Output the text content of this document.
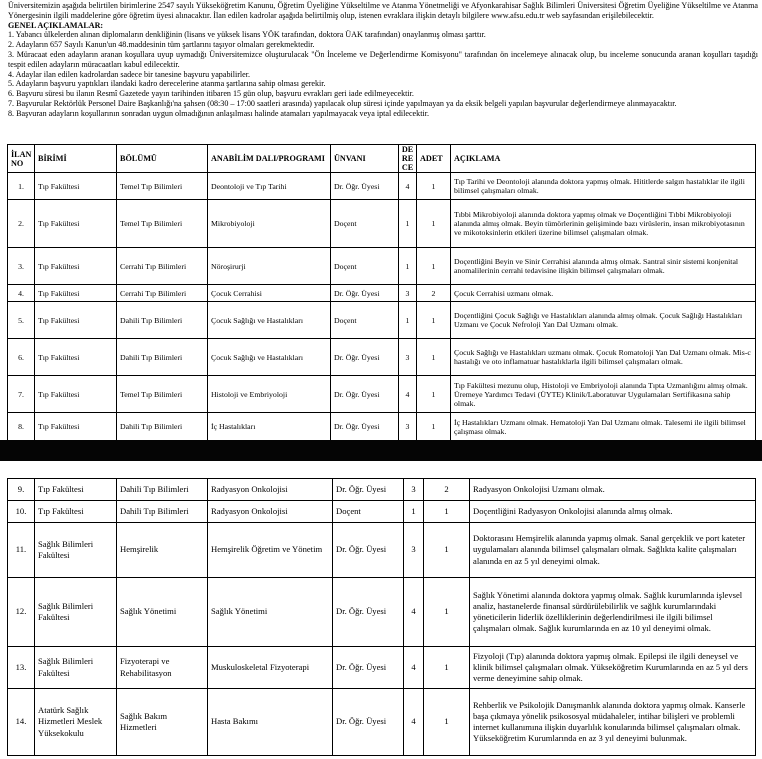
Üniversitemizin aşağıda belirtilen birimlerine 2547 sayılı Yükseköğretim Kanunu, Öğretim Üyeliğine Yükseltilme ve Atanma Yönetmeliği ve Afyonkarahisar Sağlık Bilimleri Üniversitesi Öğretim Üyeliğine Yükseltilme ve Atanma Yönergesinin ilgili maddelerine göre öğretim üyesi alınacaktır. İlan edilen kadrolar aşağıda belirtilmiş olup, istenen evraklara ilişkin detaylı bilgilere www.afsu.edu.tr web sayfasından erişilebilecektir.

GENEL AÇIKLAMALAR:

1. Yabancı ülkelerden alınan diplomaların denkliğinin (lisans ve yüksek lisans YÖK tarafından, doktora ÜAK tarafından) onaylanmış olması şarttır.

2. Adayların 657 Sayılı Kanun'un 48.maddesinin tüm şartlarını taşıyor olmaları gerekmektedir.

3. Müracaat eden adayların aranan koşullara uyup uymadığı Üniversitemizce oluşturulacak "Ön İnceleme ve Değerlendirme Komisyonu" tarafından ön incelemeye alınacak olup, bu inceleme sonucunda aranan koşulları taşıdığı tespit edilen adayların müracaatları kabul edilecektir.

4. Adaylar ilan edilen kadrolardan sadece bir tanesine başvuru yapabilirler.

5. Adayların başvuru yaptıkları ilandaki kadro derecelerine atanma şartlarına sahip olması gerekir.

6. Başvuru süresi bu ilanın Resmî Gazetede yayın tarihinden itibaren 15 gün olup, başvuru evrakları geri iade edilmeyecektir.

7. Başvurular Rektörlük Personel Daire Başkanlığı'na şahsen (08:30 – 17:00 saatleri arasında) yapılacak olup süresi içinde yapılmayan ya da eksik belgeli yapılan başvurular değerlendirmeye alınmayacaktır.

8. Başvuran adayların koşullarının sonradan uygun olmadığının anlaşılması halinde atamaları yapılmayacak veya iptal edilecektir.

İLAN NO	BİRİMİ	BÖLÜMÜ	ANABİLİM DALI/PROGRAMI	ÜNVANI	DE RE CE	ADET	AÇIKLAMA
1.	Tıp Fakültesi	Temel Tıp Bilimleri	Deontoloji ve Tıp Tarihi	Dr. Öğr. Üyesi	4	1	Tıp Tarihi ve Deontoloji alanında doktora yapmış olmak. Hititlerde salgın hastalıklar ile ilgili bilimsel çalışmaları olmak.
2.	Tıp Fakültesi	Temel Tıp Bilimleri	Mikrobiyoloji	Doçent	1	1	Tıbbi Mikrobiyoloji alanında doktora yapmış olmak ve Doçentliğini Tıbbi Mikrobiyoloji alanında almış olmak. Beyin tümörlerinin gelişiminde bazı virüslerin, insan mikrobiyotasının ve mikotoksinlerin etkileri üzerine bilimsel çalışmaları olmak.
3.	Tıp Fakültesi	Cerrahi Tıp Bilimleri	Nöroşirurji	Doçent	1	1	Doçentliğini Beyin ve Sinir Cerrahisi alanında almış olmak. Santral sinir sistemi konjenital anomalilerinin cerrahi tedavisine ilişkin bilimsel çalışmaları olmak.
4.	Tıp Fakültesi	Cerrahi Tıp Bilimleri	Çocuk Cerrahisi	Dr. Öğr. Üyesi	3	2	Çocuk Cerrahisi uzmanı olmak.
5.	Tıp Fakültesi	Dahili Tıp Bilimleri	Çocuk Sağlığı ve Hastalıkları	Doçent	1	1	Doçentliğini Çocuk Sağlığı ve Hastalıkları alanında almış olmak. Çocuk Sağlığı Hastalıkları Uzmanı ve Çocuk Nefroloji Yan Dal Uzmanı olmak.
6.	Tıp Fakültesi	Dahili Tıp Bilimleri	Çocuk Sağlığı ve Hastalıkları	Dr. Öğr. Üyesi	3	1	Çocuk Sağlığı ve Hastalıkları uzmanı olmak. Çocuk Romatoloji Yan Dal Uzmanı olmak. Mis-c hastalığı ve oto inflamatuar hastalıklarla ilgili bilimsel çalışmaları olmak.
7.	Tıp Fakültesi	Temel Tıp Bilimleri	Histoloji ve Embriyoloji	Dr. Öğr. Üyesi	4	1	Tıp Fakültesi mezunu olup, Histoloji ve Embriyoloji alanında Tıpta Uzmanlığını almış olmak. Üremeye Yardımcı Tedavi (ÜYTE) Klinik/Laboratuvar Uygulamaları Sertifikasına sahip olmak.
8.	Tıp Fakültesi	Dahili Tıp Bilimleri	İç Hastalıkları	Dr. Öğr. Üyesi	3	1	İç Hastalıkları Uzmanı olmak. Hematoloji Yan Dal Uzmanı olmak. Talesemi ile ilgili bilimsel çalışması olmak.
9.	Tıp Fakültesi	Dahili Tıp Bilimleri	Radyasyon Onkolojisi	Dr. Öğr. Üyesi	3	2	Radyasyon Onkolojisi Uzmanı olmak.
10.	Tıp Fakültesi	Dahili Tıp Bilimleri	Radyasyon Onkolojisi	Doçent	1	1	Doçentliğini Radyasyon Onkolojisi alanında almış olmak.
11.	Sağlık Bilimleri Fakültesi	Hemşirelik	Hemşirelik Öğretim ve Yönetim	Dr. Öğr. Üyesi	3	1	Doktorasını Hemşirelik alanında yapmış olmak. Sanal gerçeklik ve port kateter uygulamaları alanında bilimsel çalışmaları olmak. Sağlıkta kalite çalışmaları alanında en az 5 yıl deneyimi olmak.
12.	Sağlık Bilimleri Fakültesi	Sağlık Yönetimi	Sağlık Yönetimi	Dr. Öğr. Üyesi	4	1	Sağlık Yönetimi alanında doktora yapmış olmak. Sağlık kurumlarında işlevsel analiz, hastanelerde finansal sürdürülebilirlik ve sağlık kurumlarındaki yöneticilerin liderlik özelliklerinin değerlendirilmesi ile ilgili bilimsel çalışmaları olmak. Sağlık kurumlarında en az 10 yıl deneyimi olmak.
13.	Sağlık Bilimleri Fakültesi	Fizyoterapi ve Rehabilitasyon	Muskuloskeletal Fizyoterapi	Dr. Öğr. Üyesi	4	1	Fizyoloji (Tıp) alanında doktora yapmış olmak. Epilepsi ile ilgili deneysel ve klinik bilimsel çalışmaları olmak. Yükseköğretim Kurumlarında en az 5 yıl ders verme deneyimine sahip olmak.
14.	Atatürk Sağlık Hizmetleri Meslek Yüksekokulu	Sağlık Bakım Hizmetleri	Hasta Bakımı	Dr. Öğr. Üyesi	4	1	Rehberlik ve Psikolojik Danışmanlık alanında doktora yapmış olmak. Kanserle başa çıkmaya yönelik psikososyal müdahaleler, intihar bilişleri ve problemli internet kullanımına ilişkin duyarlılık konularında bilimsel çalışmaları olmak. Yükseköğretim Kurumlarında en az 3 yıl deneyimi bulunmak.
